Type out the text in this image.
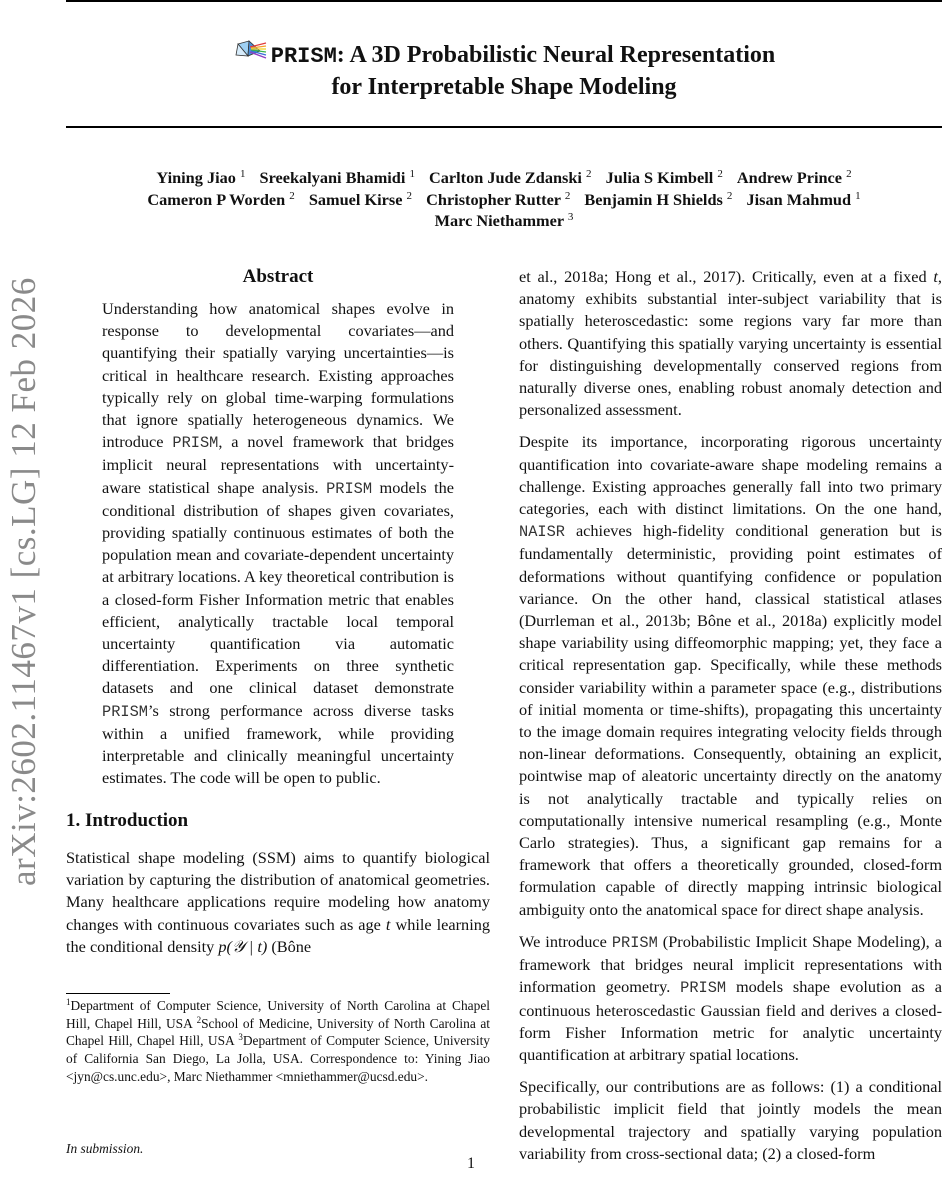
arXiv:2602.11467v1 [cs.LG] 12 Feb 2026
PRISM: A 3D Probabilistic Neural Representation
for Interpretable Shape Modeling
Yining Jiao $^1$ Sreekalyani Bhamidi $^1$ Carlton Jude Zdanski $^2$ Julia S Kimbell $^2$ Andrew Prince $^2$
Cameron P Worden $^2$ Samuel Kirse $^2$ Christopher Rutter $^2$ Benjamin H Shields $^2$ Jisan Mahmud $^1$
Marc Niethammer $^3$
Abstract
Understanding how anatomical shapes evolve in response to developmental covariates—and quantifying their spatially varying uncertainties—is critical in healthcare research. Existing approaches typically rely on global time-warping formulations that ignore spatially heterogeneous dynamics. We introduce PRISM, a novel framework that bridges implicit neural representations with uncertainty-aware statistical shape analysis. PRISM models the conditional distribution of shapes given covariates, providing spatially continuous estimates of both the population mean and covariate-dependent uncertainty at arbitrary locations. A key theoretical contribution is a closed-form Fisher Information metric that enables efficient, analytically tractable local temporal uncertainty quantification via automatic differentiation. Experiments on three synthetic datasets and one clinical dataset demonstrate PRISM’s strong performance across diverse tasks within a unified framework, while providing interpretable and clinically meaningful uncertainty estimates. The code will be open to public.
1. Introduction
Statistical shape modeling (SSM) aims to quantify biological variation by capturing the distribution of anatomical geometries. Many healthcare applications require modeling how anatomy changes with continuous covariates such as age t while learning the conditional density p(𝒴 | t) (Bône
$^1$Department of Computer Science, University of North Carolina at Chapel Hill, Chapel Hill, USA $^2$School of Medicine, University of North Carolina at Chapel Hill, Chapel Hill, USA $^3$Department of Computer Science, University of California San Diego, La Jolla, USA. Correspondence to: Yining Jiao <jyn@cs.unc.edu>, Marc Niethammer <mniethammer@ucsd.edu>.
In submission.

et al., 2018a; Hong et al., 2017). Critically, even at a fixed t, anatomy exhibits substantial inter-subject variability that is spatially heteroscedastic: some regions vary far more than others. Quantifying this spatially varying uncertainty is essential for distinguishing developmentally conserved regions from naturally diverse ones, enabling robust anomaly detection and personalized assessment.

Despite its importance, incorporating rigorous uncertainty quantification into covariate-aware shape modeling remains a challenge. Existing approaches generally fall into two primary categories, each with distinct limitations. On the one hand, NAISR achieves high-fidelity conditional generation but is fundamentally deterministic, providing point estimates of deformations without quantifying confidence or population variance. On the other hand, classical statistical atlases (Durrleman et al., 2013b; Bône et al., 2018a) explicitly model shape variability using diffeomorphic mapping; yet, they face a critical representation gap. Specifically, while these methods consider variability within a parameter space (e.g., distributions of initial momenta or time-shifts), propagating this uncertainty to the image domain requires integrating velocity fields through non-linear deformations. Consequently, obtaining an explicit, pointwise map of aleatoric uncertainty directly on the anatomy is not analytically tractable and typically relies on computationally intensive numerical resampling (e.g., Monte Carlo strategies). Thus, a significant gap remains for a framework that offers a theoretically grounded, closed-form formulation capable of directly mapping intrinsic biological ambiguity onto the anatomical space for direct shape analysis.

We introduce PRISM (Probabilistic Implicit Shape Modeling), a framework that bridges neural implicit representations with information geometry. PRISM models shape evolution as a continuous heteroscedastic Gaussian field and derives a closed-form Fisher Information metric for analytic uncertainty quantification at arbitrary spatial locations.

Specifically, our contributions are as follows: (1) a conditional probabilistic implicit field that jointly models the mean developmental trajectory and spatially varying population variability from cross-sectional data; (2) a closed-form

1
